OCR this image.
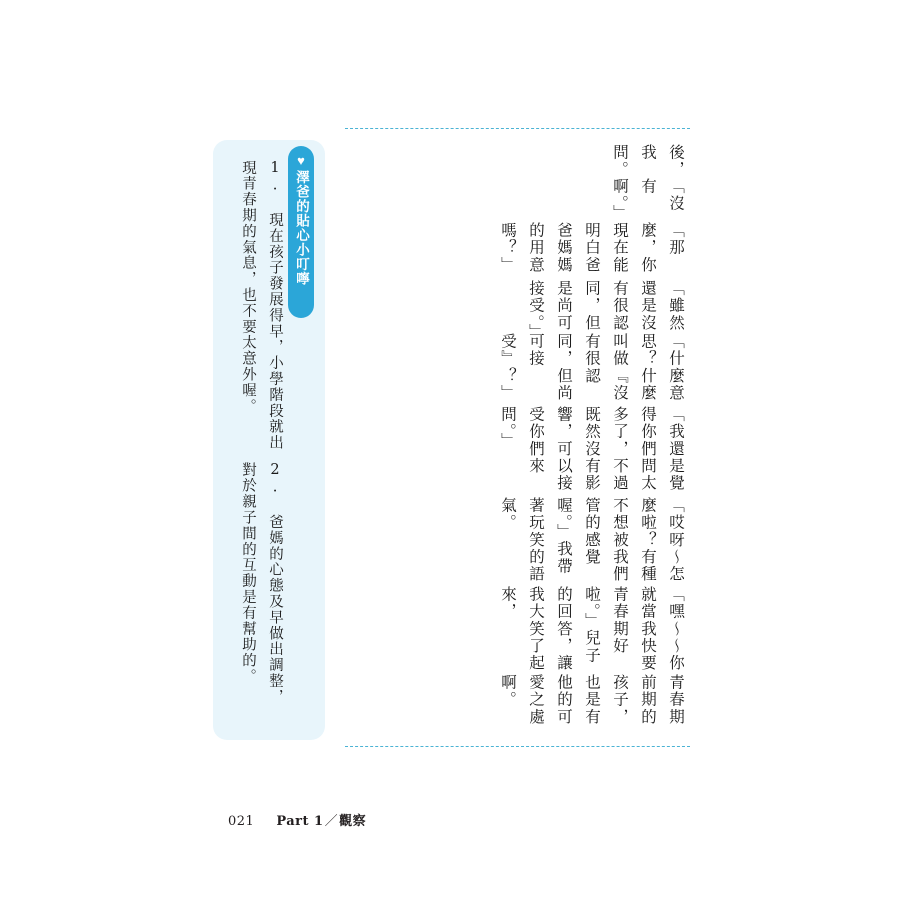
後，我問。

「沒有啊。」

「那麼，你現在能明白爸爸媽媽的用意嗎？」

「雖然還是沒有很認同，但是尚可接受。」

「什麼意思？什麼叫做『沒有很認同，但尚可接受』？」

「我還是覺得你們問太多了，不過既然沒有影響，可以接受你們來問。」

「哎呀～怎麼啦？有種不想被我們管的感覺喔。」我帶著玩笑的語氣。

「嘿～～你就當我快要青春期好啦。」兒子的回答，讓我大笑了起來，

青春期前期的孩子，也是有他的可愛之處啊。

♥
澤爸的貼心小叮嚀

1. 現在孩子發展得早，小學階段就出現青春期的氣息，也不要太意外喔。

2. 爸媽的心態及早做出調整，對於親子間的互動是有幫助的。

021 Part 1／觀察
